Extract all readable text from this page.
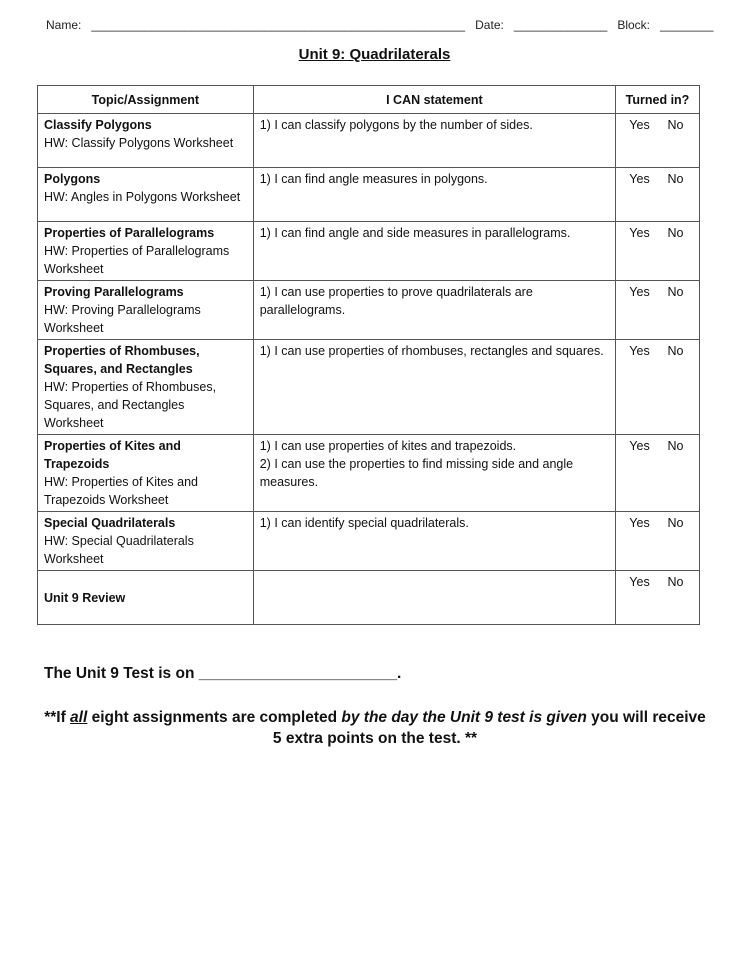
Name: ________________________________________________________ Date: ______________ Block: ________
Unit 9: Quadrilaterals
Topic/Assignment	I CAN statement	Turned in?

Classify Polygons
HW: Classify Polygons Worksheet	1) I can classify polygons by the number of sides.	Yes No

Polygons
HW: Angles in Polygons Worksheet	1) I can find angle measures in polygons.	Yes No

Properties of Parallelograms
HW: Properties of Parallelograms Worksheet	1) I can find angle and side measures in parallelograms.	Yes No

Proving Parallelograms
HW: Proving Parallelograms Worksheet	1) I can use properties to prove quadrilaterals are parallelograms.	Yes No

Properties of Rhombuses, Squares, and Rectangles
HW: Properties of Rhombuses, Squares, and Rectangles Worksheet	1) I can use properties of rhombuses, rectangles and squares.	Yes No

Properties of Kites and Trapezoids
HW: Properties of Kites and Trapezoids Worksheet	1) I can use properties of kites and trapezoids.
2) I can use the properties to find missing side and angle measures.	Yes No

Special Quadrilaterals
HW: Special Quadrilaterals Worksheet	1) I can identify special quadrilaterals.	Yes No

Unit 9 Review		Yes No
The Unit 9 Test is on _______________________.
**If all eight assignments are completed by the day the Unit 9 test is given you will receive 5 extra points on the test. **
